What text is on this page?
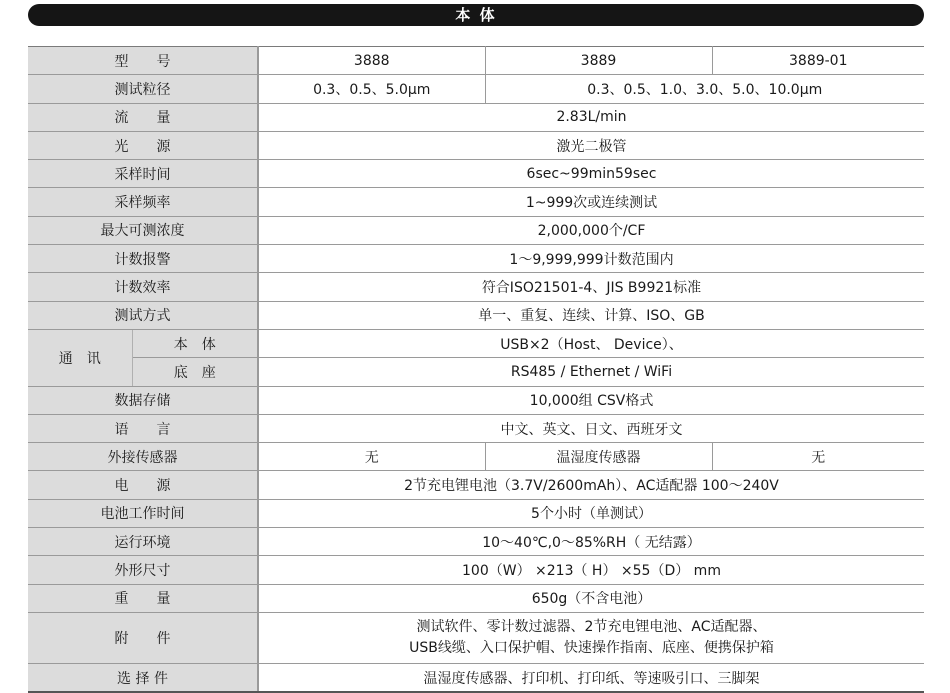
本 体
型　　号		3888	3889	3889-01
测试粒径		0.3、0.5、5.0μm	0.3、0.5、1.0、3.0、5.0、10.0μm	
流　　量		2.83L/min		
光　　源		激光二极管		
采样时间		6sec~99min59sec		
采样频率		1~999次或连续测试		
最大可测浓度		2,000,000个/CF		
计数报警		1～9,999,999计数范围内		
计数效率		符合ISO21501-4、JIS B9921标准		
测试方式		单一、重复、连续、计算、ISO、GB		
通　讯	本　体	USB×2（Host、 Device）、		
	底　座	RS485 / Ethernet / WiFi		
数据存储		10,000组 CSV格式		
语　　言		中文、英文、日文、西班牙文		
外接传感器		无	温湿度传感器	无
电　　源		2节充电锂电池（3.7V/2600mAh）、AC适配器 100～240V		
电池工作时间		5个小时（单测试）		
运行环境		10～40℃,0～85%RH（ 无结露）		
外形尺寸		100（W） ×213（ H） ×55（D） mm		
重　　量		650g（不含电池）		
附　　件		测试软件、零计数过滤器、2节充电锂电池、AC适配器、
USB线缆、入口保护帽、快速操作指南、底座、便携保护箱		

选 择 件		温湿度传感器、打印机、打印纸、等速吸引口、三脚架		
